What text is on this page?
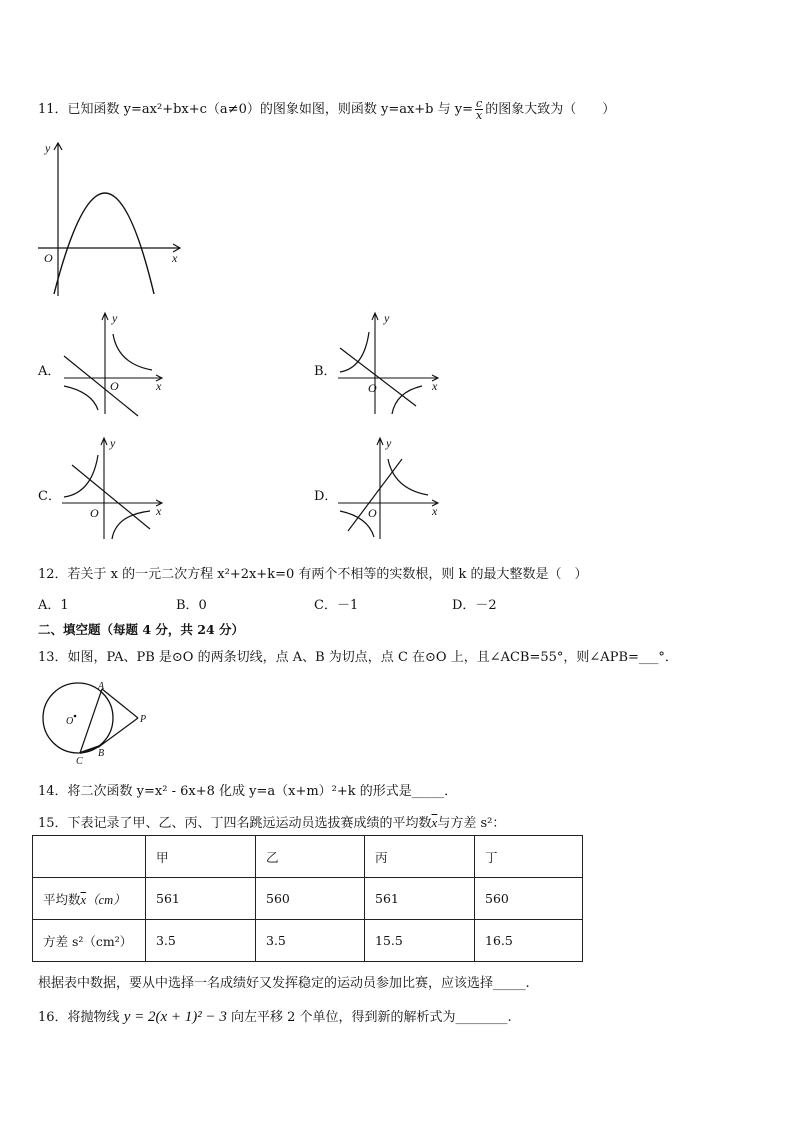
11．已知函数 y=ax²+bx+c（a≠0）的图象如图，则函数 y=ax+b 与 $y= \frac{c}{x}$ 的图象大致为（　　）
y
x
O
A．
y
x
O
B．
y
x
O
C．
y
x
O
D．
y
x
O
12．若关于 x 的一元二次方程 x²+2x+k=0 有两个不相等的实数根，则 k 的最大整数是（　）
A．1	B．0	C．－1	D．－2
二、填空题（每题 4 分，共 24 分）
13．如图，PA、PB 是⊙O 的两条切线，点 A、B 为切点，点 C 在⊙O 上，且∠ACB=55°，则∠APB=___°．
A
B
C
P
O
14．将二次函数 y=x² - 6x+8 化成 y=a（x+m）²+k 的形式是_____．
15．下表记录了甲、乙、丙、丁四名跳远运动员选拔赛成绩的平均数$\overline{x}$与方差 s²：
	甲	乙	丙	丁
平均数$\overline{x}(cm)$	561	560	561	560
方差 s²（cm²）	3.5	3.5	15.5	16.5
根据表中数据，要从中选择一名成绩好又发挥稳定的运动员参加比赛，应该选择_____.
16．将抛物线 y = 2(x + 1)² − 3 向左平移 2 个单位，得到新的解析式为________.
